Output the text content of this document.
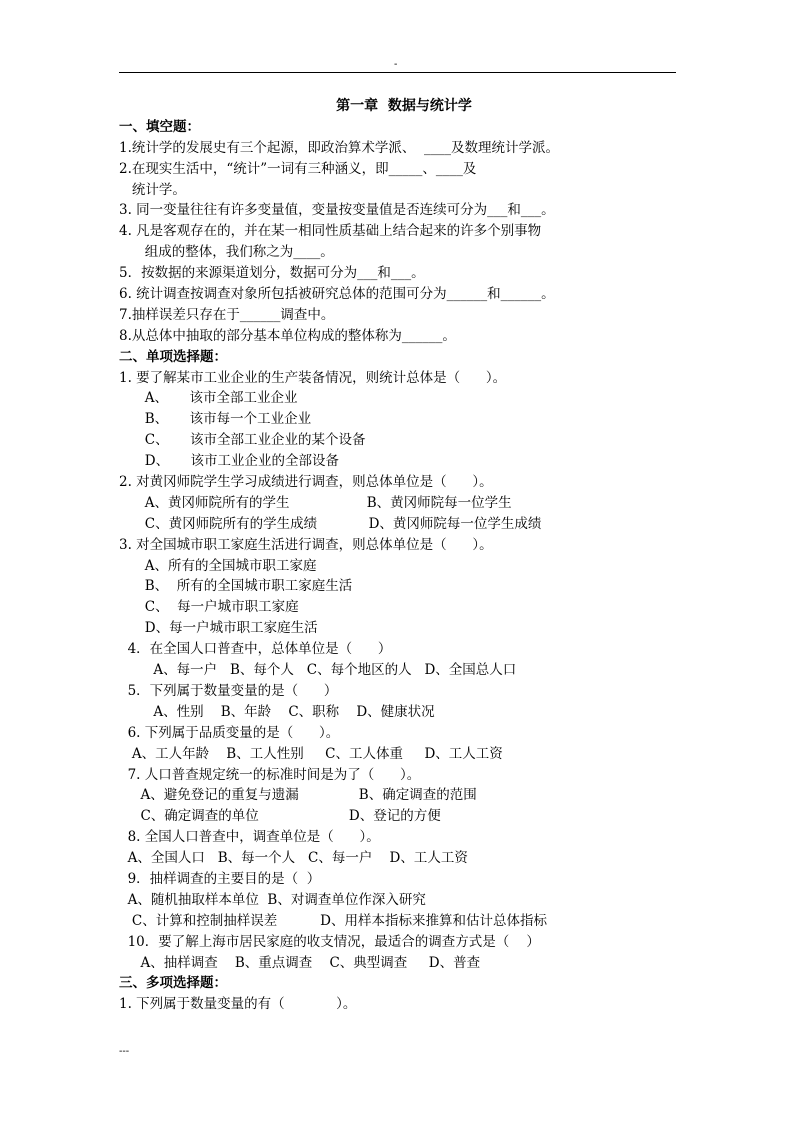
-
第一章  数据与统计学
一、填空题：
1.统计学的发展史有三个起源，即政治算术学派、  ____及数理统计学派。
2.在现实生活中，“统计”一词有三种涵义，即_____、____及
统计学。
3. 同一变量往往有许多变量值，变量按变量值是否连续可分为___和___。
4. 凡是客观存在的，并在某一相同性质基础上结合起来的许多个别事物
组成的整体，我们称之为____。
5．按数据的来源渠道划分，数据可分为___和___。
6. 统计调查按调查对象所包括被研究总体的范围可分为______和______。
7.抽样误差只存在于______调查中。
8.从总体中抽取的部分基本单位构成的整体称为______。
二、单项选择题：
1. 要了解某市工业企业的生产装备情况，则统计总体是（      ）。
A、     该市全部工业企业
B、     该市每一个工业企业
C、     该市全部工业企业的某个设备
D、     该市工业企业的全部设备
2. 对黄冈师院学生学习成绩进行调查，则总体单位是（      ）。
A、黄冈师院所有的学生                  B、黄冈师院每一位学生
C、黄冈师院所有的学生成绩            D、黄冈师院每一位学生成绩
3. 对全国城市职工家庭生活进行调查，则总体单位是（      ）。
A、所有的全国城市职工家庭
B、  所有的全国城市职工家庭生活
C、  每一户城市职工家庭
D、每一户城市职工家庭生活
4．在全国人口普查中，总体单位是（      ）
A、每一户   B、每个人   C、每个地区的人   D、全国总人口
5．下列属于数量变量的是（      ）
A、性别    B、年龄    C、职称    D、健康状况
6. 下列属于品质变量的是（      ）。
A、工人年龄    B、工人性别     C、工人体重     D、工人工资
7. 人口普查规定统一的标准时间是为了（      ）。
A、避免登记的重复与遗漏              B、确定调查的范围
C、确定调查的单位                     D、登记的方便
8. 全国人口普查中，调查单位是（      ）。
A、全国人口   B、每一个人   C、每一户    D、工人工资
9．抽样调查的主要目的是（  ）
A、随机抽取样本单位  B、对调查单位作深入研究
C、计算和控制抽样误差          D、用样本指标来推算和估计总体指标
10．要了解上海市居民家庭的收支情况，最适合的调查方式是（    ）
A、抽样调查    B、重点调查    C、典型调查     D、普查
三、多项选择题：
1. 下列属于数量变量的有（            ）。
---
